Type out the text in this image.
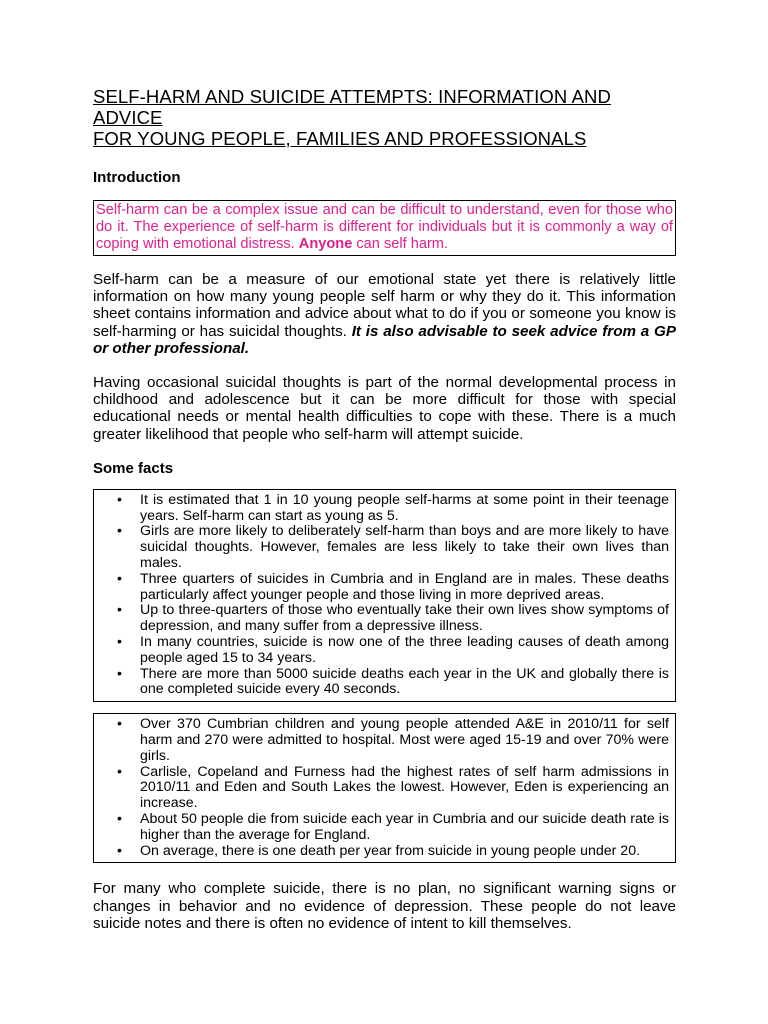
SELF-HARM AND SUICIDE ATTEMPTS: INFORMATION AND ADVICE
FOR YOUNG PEOPLE, FAMILIES AND PROFESSIONALS
Introduction
Self-harm can be a complex issue and can be difficult to understand, even for those who do it. The experience of self-harm is different for individuals but it is commonly a way of coping with emotional distress. Anyone can self harm.

Self-harm can be a measure of our emotional state yet there is relatively little information on how many young people self harm or why they do it. This information sheet contains information and advice about what to do if you or someone you know is self-harming or has suicidal thoughts. It is also advisable to seek advice from a GP or other professional.

Having occasional suicidal thoughts is part of the normal developmental process in childhood and adolescence but it can be more difficult for those with special educational needs or mental health difficulties to cope with these. There is a much greater likelihood that people who self-harm will attempt suicide.

Some facts
• It is estimated that 1 in 10 young people self-harms at some point in their teenage years. Self-harm can start as young as 5.
• Girls are more likely to deliberately self-harm than boys and are more likely to have suicidal thoughts. However, females are less likely to take their own lives than males.
• Three quarters of suicides in Cumbria and in England are in males. These deaths particularly affect younger people and those living in more deprived areas.
• Up to three-quarters of those who eventually take their own lives show symptoms of depression, and many suffer from a depressive illness.
• In many countries, suicide is now one of the three leading causes of death among people aged 15 to 34 years.
• There are more than 5000 suicide deaths each year in the UK and globally there is one completed suicide every 40 seconds.
• Over 370 Cumbrian children and young people attended A&E in 2010/11 for self harm and 270 were admitted to hospital. Most were aged 15-19 and over 70% were girls.
• Carlisle, Copeland and Furness had the highest rates of self harm admissions in 2010/11 and Eden and South Lakes the lowest. However, Eden is experiencing an increase.
• About 50 people die from suicide each year in Cumbria and our suicide death rate is higher than the average for England.
• On average, there is one death per year from suicide in young people under 20.

For many who complete suicide, there is no plan, no significant warning signs or changes in behavior and no evidence of depression. These people do not leave suicide notes and there is often no evidence of intent to kill themselves.
